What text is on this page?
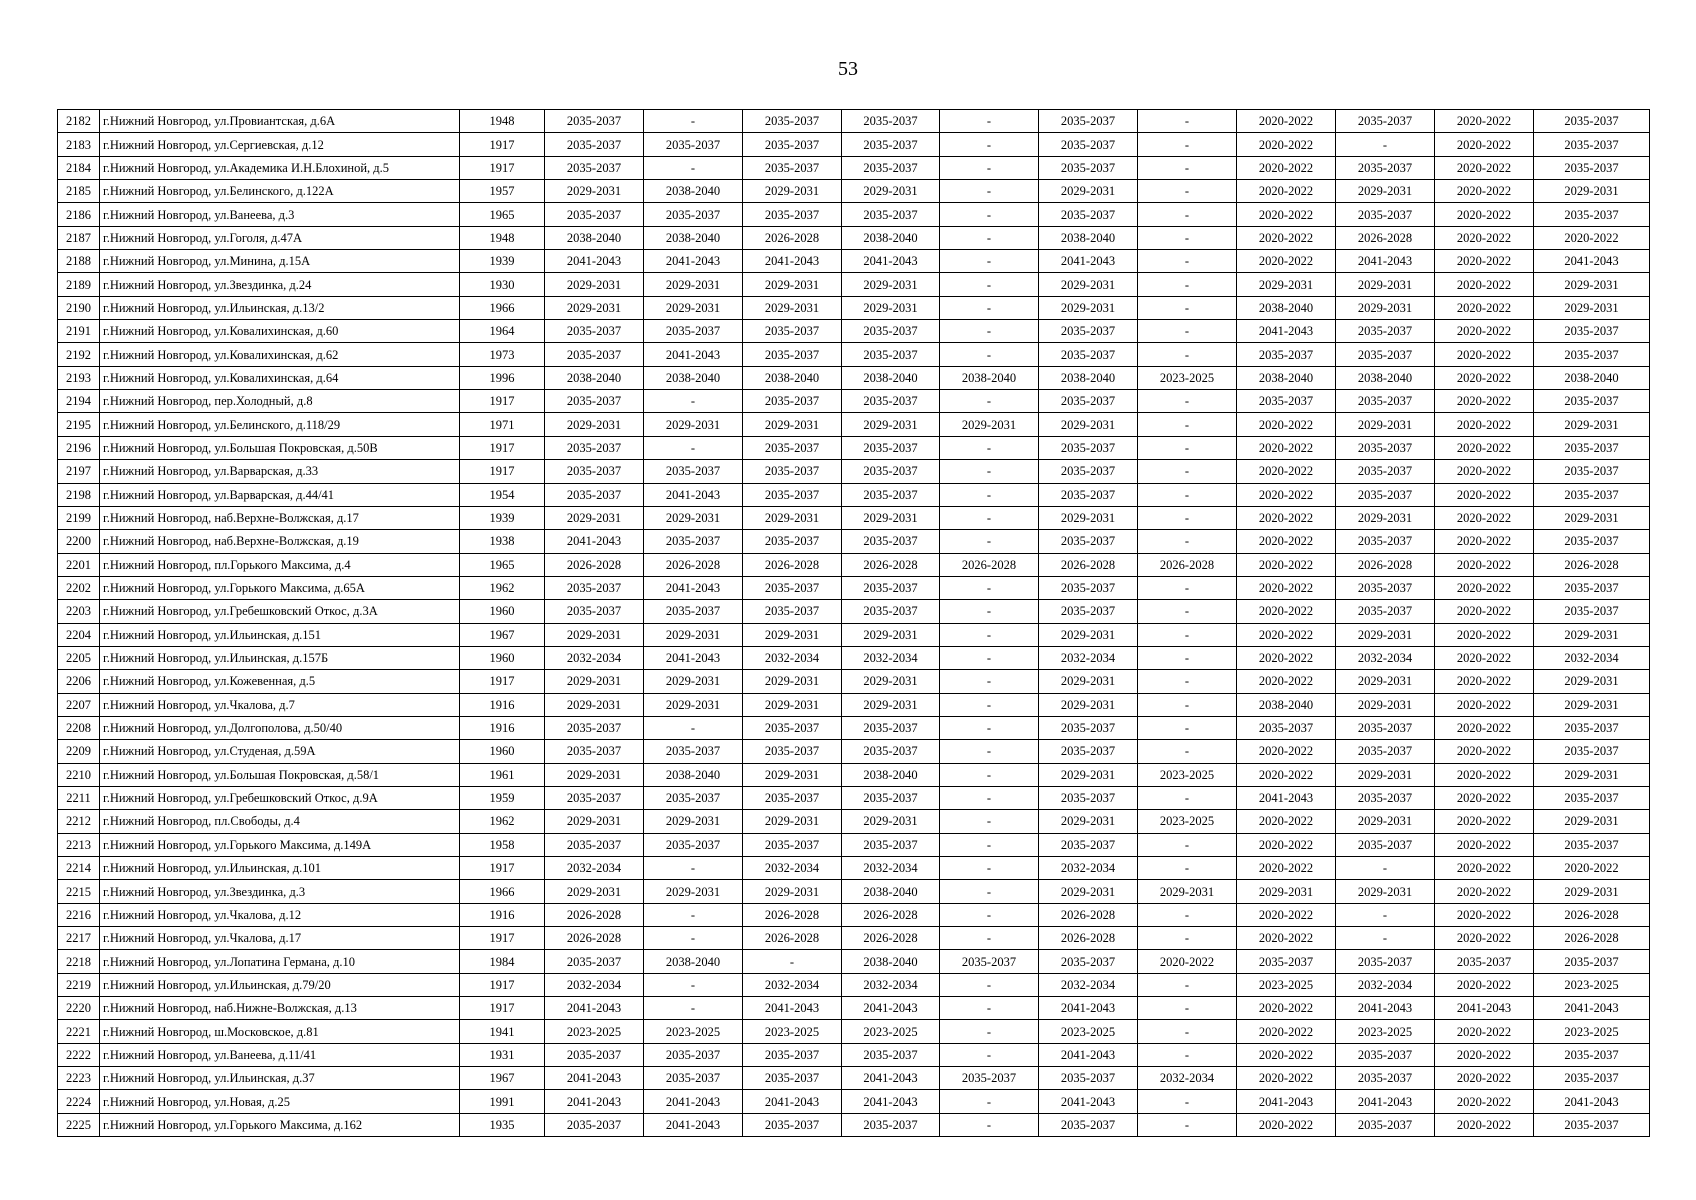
53
2182	г.Нижний Новгород, ул.Провиантская, д.6А	1948	2035-2037	-	2035-2037	2035-2037	-	2035-2037	-	2020-2022	2035-2037	2020-2022	2035-2037
2183	г.Нижний Новгород, ул.Сергиевская, д.12	1917	2035-2037	2035-2037	2035-2037	2035-2037	-	2035-2037	-	2020-2022	-	2020-2022	2035-2037
2184	г.Нижний Новгород, ул.Академика И.Н.Блохиной, д.5	1917	2035-2037	-	2035-2037	2035-2037	-	2035-2037	-	2020-2022	2035-2037	2020-2022	2035-2037
2185	г.Нижний Новгород, ул.Белинского, д.122А	1957	2029-2031	2038-2040	2029-2031	2029-2031	-	2029-2031	-	2020-2022	2029-2031	2020-2022	2029-2031
2186	г.Нижний Новгород, ул.Ванеева, д.3	1965	2035-2037	2035-2037	2035-2037	2035-2037	-	2035-2037	-	2020-2022	2035-2037	2020-2022	2035-2037
2187	г.Нижний Новгород, ул.Гоголя, д.47А	1948	2038-2040	2038-2040	2026-2028	2038-2040	-	2038-2040	-	2020-2022	2026-2028	2020-2022	2020-2022
2188	г.Нижний Новгород, ул.Минина, д.15А	1939	2041-2043	2041-2043	2041-2043	2041-2043	-	2041-2043	-	2020-2022	2041-2043	2020-2022	2041-2043
2189	г.Нижний Новгород, ул.Звездинка, д.24	1930	2029-2031	2029-2031	2029-2031	2029-2031	-	2029-2031	-	2029-2031	2029-2031	2020-2022	2029-2031
2190	г.Нижний Новгород, ул.Ильинская, д.13/2	1966	2029-2031	2029-2031	2029-2031	2029-2031	-	2029-2031	-	2038-2040	2029-2031	2020-2022	2029-2031
2191	г.Нижний Новгород, ул.Ковалихинская, д.60	1964	2035-2037	2035-2037	2035-2037	2035-2037	-	2035-2037	-	2041-2043	2035-2037	2020-2022	2035-2037
2192	г.Нижний Новгород, ул.Ковалихинская, д.62	1973	2035-2037	2041-2043	2035-2037	2035-2037	-	2035-2037	-	2035-2037	2035-2037	2020-2022	2035-2037
2193	г.Нижний Новгород, ул.Ковалихинская, д.64	1996	2038-2040	2038-2040	2038-2040	2038-2040	2038-2040	2038-2040	2023-2025	2038-2040	2038-2040	2020-2022	2038-2040
2194	г.Нижний Новгород, пер.Холодный, д.8	1917	2035-2037	-	2035-2037	2035-2037	-	2035-2037	-	2035-2037	2035-2037	2020-2022	2035-2037
2195	г.Нижний Новгород, ул.Белинского, д.118/29	1971	2029-2031	2029-2031	2029-2031	2029-2031	2029-2031	2029-2031	-	2020-2022	2029-2031	2020-2022	2029-2031
2196	г.Нижний Новгород, ул.Большая Покровская, д.50В	1917	2035-2037	-	2035-2037	2035-2037	-	2035-2037	-	2020-2022	2035-2037	2020-2022	2035-2037
2197	г.Нижний Новгород, ул.Варварская, д.33	1917	2035-2037	2035-2037	2035-2037	2035-2037	-	2035-2037	-	2020-2022	2035-2037	2020-2022	2035-2037
2198	г.Нижний Новгород, ул.Варварская, д.44/41	1954	2035-2037	2041-2043	2035-2037	2035-2037	-	2035-2037	-	2020-2022	2035-2037	2020-2022	2035-2037
2199	г.Нижний Новгород, наб.Верхне-Волжская, д.17	1939	2029-2031	2029-2031	2029-2031	2029-2031	-	2029-2031	-	2020-2022	2029-2031	2020-2022	2029-2031
2200	г.Нижний Новгород, наб.Верхне-Волжская, д.19	1938	2041-2043	2035-2037	2035-2037	2035-2037	-	2035-2037	-	2020-2022	2035-2037	2020-2022	2035-2037
2201	г.Нижний Новгород, пл.Горького Максима, д.4	1965	2026-2028	2026-2028	2026-2028	2026-2028	2026-2028	2026-2028	2026-2028	2020-2022	2026-2028	2020-2022	2026-2028
2202	г.Нижний Новгород, ул.Горького Максима, д.65А	1962	2035-2037	2041-2043	2035-2037	2035-2037	-	2035-2037	-	2020-2022	2035-2037	2020-2022	2035-2037
2203	г.Нижний Новгород, ул.Гребешковский Откос, д.3А	1960	2035-2037	2035-2037	2035-2037	2035-2037	-	2035-2037	-	2020-2022	2035-2037	2020-2022	2035-2037
2204	г.Нижний Новгород, ул.Ильинская, д.151	1967	2029-2031	2029-2031	2029-2031	2029-2031	-	2029-2031	-	2020-2022	2029-2031	2020-2022	2029-2031
2205	г.Нижний Новгород, ул.Ильинская, д.157Б	1960	2032-2034	2041-2043	2032-2034	2032-2034	-	2032-2034	-	2020-2022	2032-2034	2020-2022	2032-2034
2206	г.Нижний Новгород, ул.Кожевенная, д.5	1917	2029-2031	2029-2031	2029-2031	2029-2031	-	2029-2031	-	2020-2022	2029-2031	2020-2022	2029-2031
2207	г.Нижний Новгород, ул.Чкалова, д.7	1916	2029-2031	2029-2031	2029-2031	2029-2031	-	2029-2031	-	2038-2040	2029-2031	2020-2022	2029-2031
2208	г.Нижний Новгород, ул.Долгополова, д.50/40	1916	2035-2037	-	2035-2037	2035-2037	-	2035-2037	-	2035-2037	2035-2037	2020-2022	2035-2037
2209	г.Нижний Новгород, ул.Студеная, д.59А	1960	2035-2037	2035-2037	2035-2037	2035-2037	-	2035-2037	-	2020-2022	2035-2037	2020-2022	2035-2037
2210	г.Нижний Новгород, ул.Большая Покровская, д.58/1	1961	2029-2031	2038-2040	2029-2031	2038-2040	-	2029-2031	2023-2025	2020-2022	2029-2031	2020-2022	2029-2031
2211	г.Нижний Новгород, ул.Гребешковский Откос, д.9А	1959	2035-2037	2035-2037	2035-2037	2035-2037	-	2035-2037	-	2041-2043	2035-2037	2020-2022	2035-2037
2212	г.Нижний Новгород, пл.Свободы, д.4	1962	2029-2031	2029-2031	2029-2031	2029-2031	-	2029-2031	2023-2025	2020-2022	2029-2031	2020-2022	2029-2031
2213	г.Нижний Новгород, ул.Горького Максима, д.149А	1958	2035-2037	2035-2037	2035-2037	2035-2037	-	2035-2037	-	2020-2022	2035-2037	2020-2022	2035-2037
2214	г.Нижний Новгород, ул.Ильинская, д.101	1917	2032-2034	-	2032-2034	2032-2034	-	2032-2034	-	2020-2022	-	2020-2022	2020-2022
2215	г.Нижний Новгород, ул.Звездинка, д.3	1966	2029-2031	2029-2031	2029-2031	2038-2040	-	2029-2031	2029-2031	2029-2031	2029-2031	2020-2022	2029-2031
2216	г.Нижний Новгород, ул.Чкалова, д.12	1916	2026-2028	-	2026-2028	2026-2028	-	2026-2028	-	2020-2022	-	2020-2022	2026-2028
2217	г.Нижний Новгород, ул.Чкалова, д.17	1917	2026-2028	-	2026-2028	2026-2028	-	2026-2028	-	2020-2022	-	2020-2022	2026-2028
2218	г.Нижний Новгород, ул.Лопатина Германа, д.10	1984	2035-2037	2038-2040	-	2038-2040	2035-2037	2035-2037	2020-2022	2035-2037	2035-2037	2035-2037	2035-2037
2219	г.Нижний Новгород, ул.Ильинская, д.79/20	1917	2032-2034	-	2032-2034	2032-2034	-	2032-2034	-	2023-2025	2032-2034	2020-2022	2023-2025
2220	г.Нижний Новгород, наб.Нижне-Волжская, д.13	1917	2041-2043	-	2041-2043	2041-2043	-	2041-2043	-	2020-2022	2041-2043	2041-2043	2041-2043
2221	г.Нижний Новгород, ш.Московское, д.81	1941	2023-2025	2023-2025	2023-2025	2023-2025	-	2023-2025	-	2020-2022	2023-2025	2020-2022	2023-2025
2222	г.Нижний Новгород, ул.Ванеева, д.11/41	1931	2035-2037	2035-2037	2035-2037	2035-2037	-	2041-2043	-	2020-2022	2035-2037	2020-2022	2035-2037
2223	г.Нижний Новгород, ул.Ильинская, д.37	1967	2041-2043	2035-2037	2035-2037	2041-2043	2035-2037	2035-2037	2032-2034	2020-2022	2035-2037	2020-2022	2035-2037
2224	г.Нижний Новгород, ул.Новая, д.25	1991	2041-2043	2041-2043	2041-2043	2041-2043	-	2041-2043	-	2041-2043	2041-2043	2020-2022	2041-2043
2225	г.Нижний Новгород, ул.Горького Максима, д.162	1935	2035-2037	2041-2043	2035-2037	2035-2037	-	2035-2037	-	2020-2022	2035-2037	2020-2022	2035-2037
